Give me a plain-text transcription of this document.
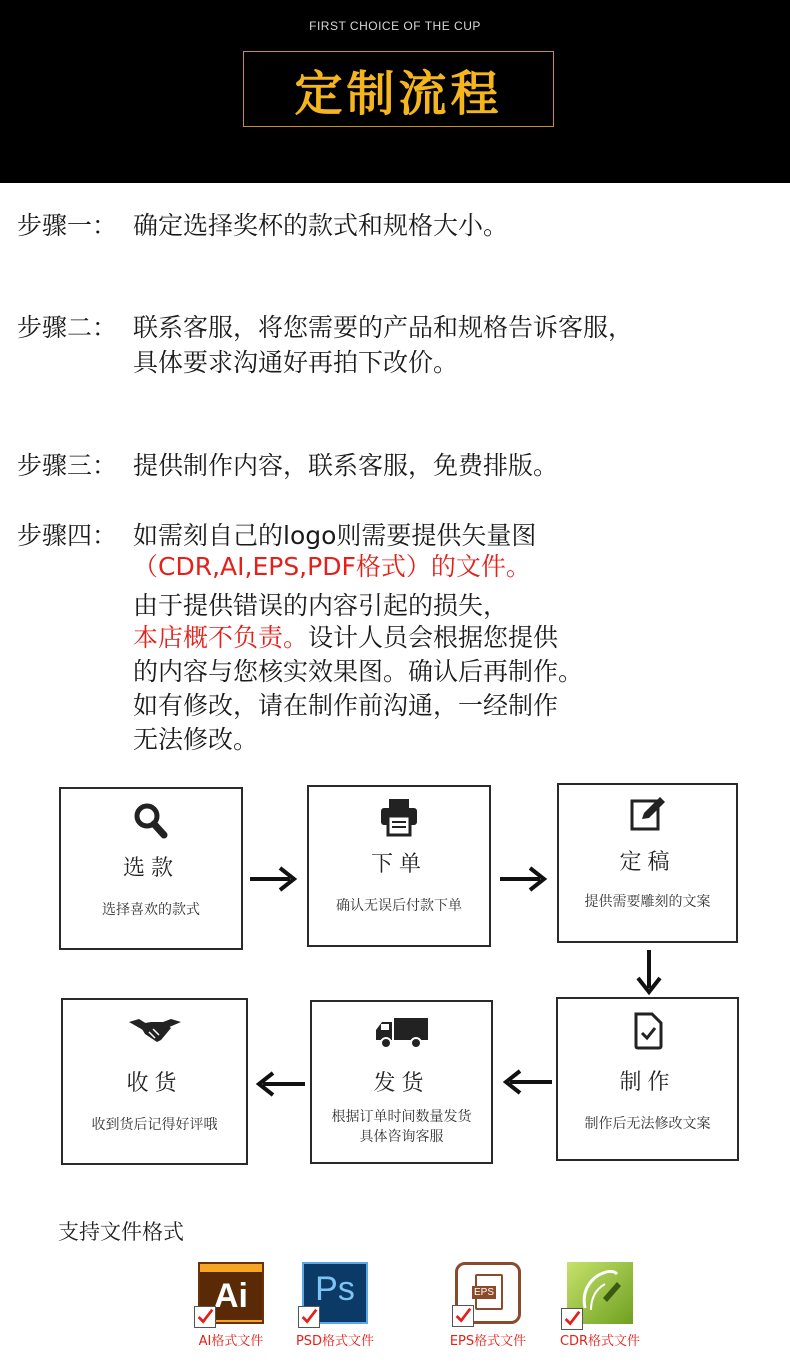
FIRST CHOICE OF THE CUP
定制流程
步骤一： 确定选择奖杯的款式和规格大小。
步骤二： 联系客服，将您需要的产品和规格告诉客服，
具体要求沟通好再拍下改价。
步骤三： 提供制作内容，联系客服，免费排版。
步骤四： 如需刻自己的logo则需要提供矢量图
（CDR,AI,EPS,PDF格式）的文件。
由于提供错误的内容引起的损失，
本店概不负责。设计人员会根据您提供
的内容与您核实效果图。确认后再制作。
如有修改，请在制作前沟通，一经制作
无法修改。
选款
选择喜欢的款式
下单
确认无误后付款下单
定稿
提供需要雕刻的文案
制作
制作后无法修改文案
发货
根据订单时间数量发货
具体咨询客服
收货
收到货后记得好评哦
支持文件格式
Ai
AI格式文件
Ps
PSD格式文件
EPS
EPS格式文件	CDR格式文件
